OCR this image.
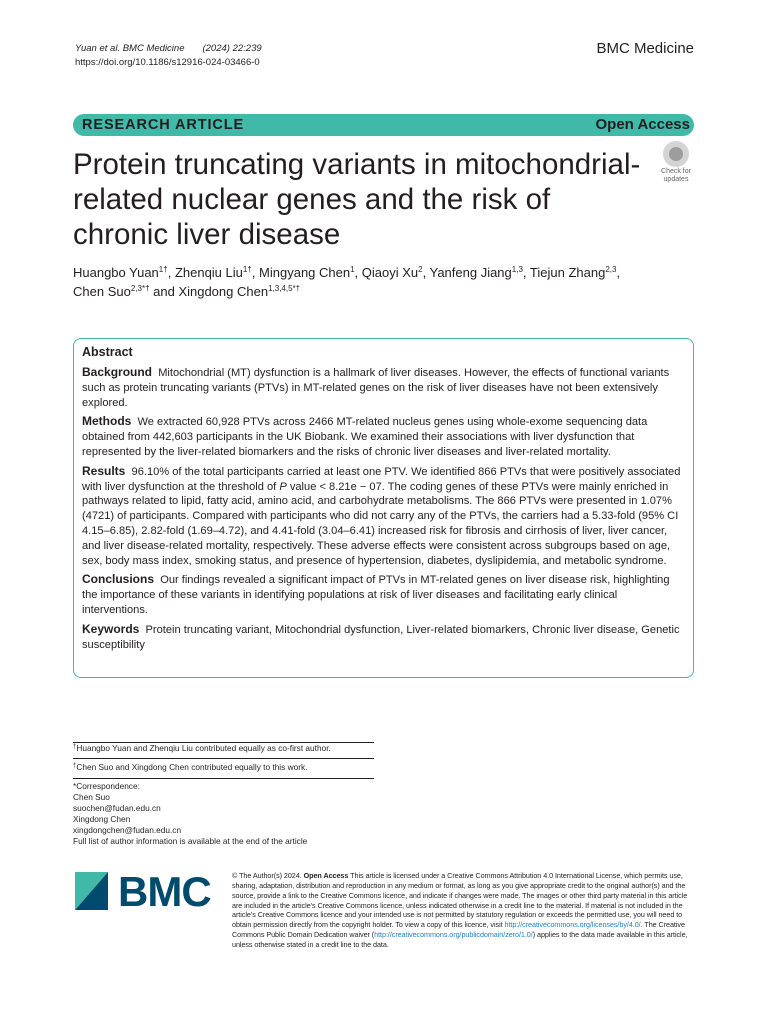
Yuan et al. BMC Medicine (2024) 22:239
https://doi.org/10.1186/s12916-024-03466-0
BMC Medicine
RESEARCH ARTICLE	Open Access
Protein truncating variants in mitochondrial-related nuclear genes and the risk of chronic liver disease
Check for
updates
Huangbo Yuan$^{1\dagger}$, Zhenqiu Liu$^{1\dagger}$, Mingyang Chen$^1$, Qiaoyi Xu$^2$, Yanfeng Jiang$^{1,3}$, Tiejun Zhang$^{2,3}$,
Chen Suo$^{2,3*\dagger}$ and Xingdong Chen$^{1,3,4,5*\dagger}$
Abstract

Background Mitochondrial (MT) dysfunction is a hallmark of liver diseases. However, the effects of functional variants such as protein truncating variants (PTVs) in MT-related genes on the risk of liver diseases have not been extensively explored.

Methods We extracted 60,928 PTVs across 2466 MT-related nucleus genes using whole-exome sequencing data obtained from 442,603 participants in the UK Biobank. We examined their associations with liver dysfunction that represented by the liver-related biomarkers and the risks of chronic liver diseases and liver-related mortality.

Results 96.10% of the total participants carried at least one PTV. We identified 866 PTVs that were positively associated with liver dysfunction at the threshold of P value < 8.21e − 07. The coding genes of these PTVs were mainly enriched in pathways related to lipid, fatty acid, amino acid, and carbohydrate metabolisms. The 866 PTVs were presented in 1.07% (4721) of participants. Compared with participants who did not carry any of the PTVs, the carriers had a 5.33-fold (95% CI 4.15–6.85), 2.82-fold (1.69–4.72), and 4.41-fold (3.04–6.41) increased risk for fibrosis and cirrhosis of liver, liver cancer, and liver disease-related mortality, respectively. These adverse effects were consistent across subgroups based on age, sex, body mass index, smoking status, and presence of hypertension, diabetes, dyslipidemia, and metabolic syndrome.

Conclusions Our findings revealed a significant impact of PTVs in MT-related genes on liver disease risk, highlighting the importance of these variants in identifying populations at risk of liver diseases and facilitating early clinical interventions.

Keywords Protein truncating variant, Mitochondrial dysfunction, Liver-related biomarkers, Chronic liver disease, Genetic susceptibility

†Huangbo Yuan and Zhenqiu Liu contributed equally as co-first author.
†Chen Suo and Xingdong Chen contributed equally to this work.
*Correspondence:
Chen Suo
suochen@fudan.edu.cn
Xingdong Chen
xingdongchen@fudan.edu.cn
Full list of author information is available at the end of the article
BMC	© The Author(s) 2024. Open Access This article is licensed under a Creative Commons Attribution 4.0 International License, which permits use, sharing, adaptation, distribution and reproduction in any medium or format, as long as you give appropriate credit to the original author(s) and the source, provide a link to the Creative Commons licence, and indicate if changes were made. The images or other third party material in this article are included in the article’s Creative Commons licence, unless indicated otherwise in a credit line to the material. If material is not included in the article’s Creative Commons licence and your intended use is not permitted by statutory regulation or exceeds the permitted use, you will need to obtain permission directly from the copyright holder. To view a copy of this licence, visit http://creativecommons.org/licenses/by/4.0/. The Creative Commons Public Domain Dedication waiver (http://creativecommons.org/publicdomain/zero/1.0/) applies to the data made available in this article, unless otherwise stated in a credit line to the data.
